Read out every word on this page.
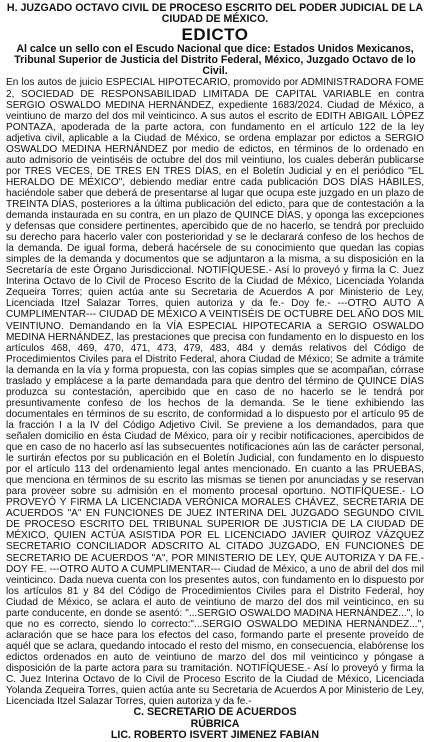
H. JUZGADO OCTAVO CIVIL DE PROCESO ESCRITO DEL PODER JUDICIAL DE LA CIUDAD DE MÉXICO.

EDICTO

Al calce un sello con el Escudo Nacional que dice: Estados Unidos Mexicanos, Tribunal Superior de Justicia del Distrito Federal, México, Juzgado Octavo de lo Civil.

En los autos de juicio ESPECIAL HIPOTECARIO, promovido por ADMINISTRADORA FOME 2, SOCIEDAD DE RESPONSABILIDAD LIMITADA DE CAPITAL VARIABLE en contra SERGIO OSWALDO MEDINA HERNÁNDEZ, expediente 1683/2024. Ciudad de México, a veintiuno de marzo del dos mil veinticinco. A sus autos el escrito de EDITH ABIGAIL LÓPEZ PONTAZA, apoderada de la parte actora, con fundamento en el artículo 122 de la ley adjetiva civil, aplicable a la Ciudad de México, se ordena emplazar por edictos a SERGIO OSWALDO MEDINA HERNÁNDEZ por medio de edictos, en términos de lo ordenado en auto admisorio de veintiséis de octubre del dos mil veintiuno, los cuales deberán publicarse por TRES VECES, DE TRES EN TRES DÍAS, en el Boletín Judicial y en el periódico "EL HERALDO DE MÉXICO", debiendo mediar entre cada publicación DOS DÍAS HÁBILES, haciéndole saber que deberá de presentarse al lugar que ocupa este juzgado en un plazo de TREINTA DÍAS, posteriores a la última publicación del edicto, para que de contestación a la demanda instaurada en su contra, en un plazo de QUINCE DÍAS, y oponga las excepciones y defensas que considere pertinentes, apercibido que de no hacerlo, se tendrá por precluido su derecho para hacerlo valer con posterioridad y se le declarará confeso de los hechos de la demanda. De igual forma, deberá hacérsele de su conocimiento que quedan las copias simples de la demanda y documentos que se adjuntaron a la misma, a su disposición en la Secretaría de este Órgano Jurisdiccional. NOTIFÍQUESE.- Así lo proveyó y firma la C. Juez Interina Octavo de lo Civil de Proceso Escrito de la Ciudad de México, Licenciada Yolanda Zequeira Torres; quien actúa ante su Secretaria de Acuerdos A por Ministerio de Ley, Licenciada Itzel Salazar Torres, quien autoriza y da fe.- Doy fe.- ---OTRO AUTO A CUMPLIMENTAR--- CIUDAD DE MÉXICO A VEINTISÉIS DE OCTUBRE DEL AÑO DOS MIL VEINTIUNO. Demandando en la VÍA ESPECIAL HIPOTECARIA a SERGIO OSWALDO MEDINA HERNÁNDEZ, las prestaciones que precisa con fundamento en lo dispuesto en los artículos 468, 469, 470, 471, 473, 479, 483, 484 y demás relativos del Código de Procedimientos Civiles para el Distrito Federal, ahora Ciudad de México; Se admite a trámite la demanda en la vía y forma propuesta, con las copias simples que se acompañan, córrase traslado y emplácese a la parte demandada para que dentro del término de QUINCE DÍAS produzca su contestación, apercibido que en caso de no hacerlo se le tendrá por presuntivamente confeso de los hechos de la demanda. Se le tiene exhibiendo las documentales en términos de su escrito, de conformidad a lo dispuesto por el artículo 95 de la fracción I a la IV del Código Adjetivo Civil. Se previene a los demandados, para que señalen domicilio en ésta Ciudad de México, para oír y recibir notificaciones, apercibidos de que en caso de no hacerlo así las subsecuentes notificaciones aún las de carácter personal, le surtirán efectos por su publicación en el Boletín Judicial, con fundamento en lo dispuesto por el artículo 113 del ordenamiento legal antes mencionado. En cuanto a las PRUEBAS, que menciona en términos de su escrito las mismas se tienen por anunciadas y se reservan para proveer sobre su admisión en el momento procesal oportuno. NOTIFÍQUESE.- LO PROVEYÓ Y FIRMA LA LICENCIADA VERÓNICA MORALES CHÁVEZ, SECRETARIA DE ACUERDOS "A" EN FUNCIONES DE JUEZ INTERINA DEL JUZGADO SEGUNDO CIVIL DE PROCESO ESCRITO DEL TRIBUNAL SUPERIOR DE JUSTICIA DE LA CIUDAD DE MÉXICO, QUIEN ACTÚA ASISTIDA POR EL LICENCIADO JAVIER QUIROZ VÁZQUEZ SECRETARIO CONCILIADOR ADSCRITO AL CITADO JUZGADO, EN FUNCIONES DE SECRETARIO DE ACUERDOS "A", POR MINISTERIO DE LEY, QUE AUTORIZA Y DA FE.- DOY FE. ---OTRO AUTO A CUMPLIMENTAR--- Ciudad de México, a uno de abril del dos mil veinticinco. Dada nueva cuenta con los presentes autos, con fundamento en lo dispuesto por los artículos 81 y 84 del Código de Procedimientos Civiles para el Distrito Federal, hoy Ciudad de México, se aclara el auto de veintiuno de marzo del dos mil veinticinco, en su parte conducente, en donde se asentó: "...SERGIO OSWALDO MADINA HERNÁNDEZ...", lo que no es correcto, siendo lo correcto:"...SERGIO OSWALDO MEDINA HERNÁNDEZ...", aclaración que se hace para los efectos del caso, formando parte el presente proveído de aquél que se aclara, quedando intocado el resto del mismo, en consecuencia, elabórense los edictos ordenados en auto de veintiuno de marzo del dos mil veinticinco y póngase a disposición de la parte actora para su tramitación. NOTIFÍQUESE.- Así lo proveyó y firma la C. Juez Interina Octavo de lo Civil de Proceso Escrito de la Ciudad de México, Licenciada Yolanda Zequeira Torres, quien actúa ante su Secretaria de Acuerdos A por Ministerio de Ley, Licenciada Itzel Salazar Torres, quien autoriza y da fe.-

C. SECRETARIO DE ACUERDOS

RÚBRICA

LIC. ROBERTO ISVERT JIMENEZ FABIAN
